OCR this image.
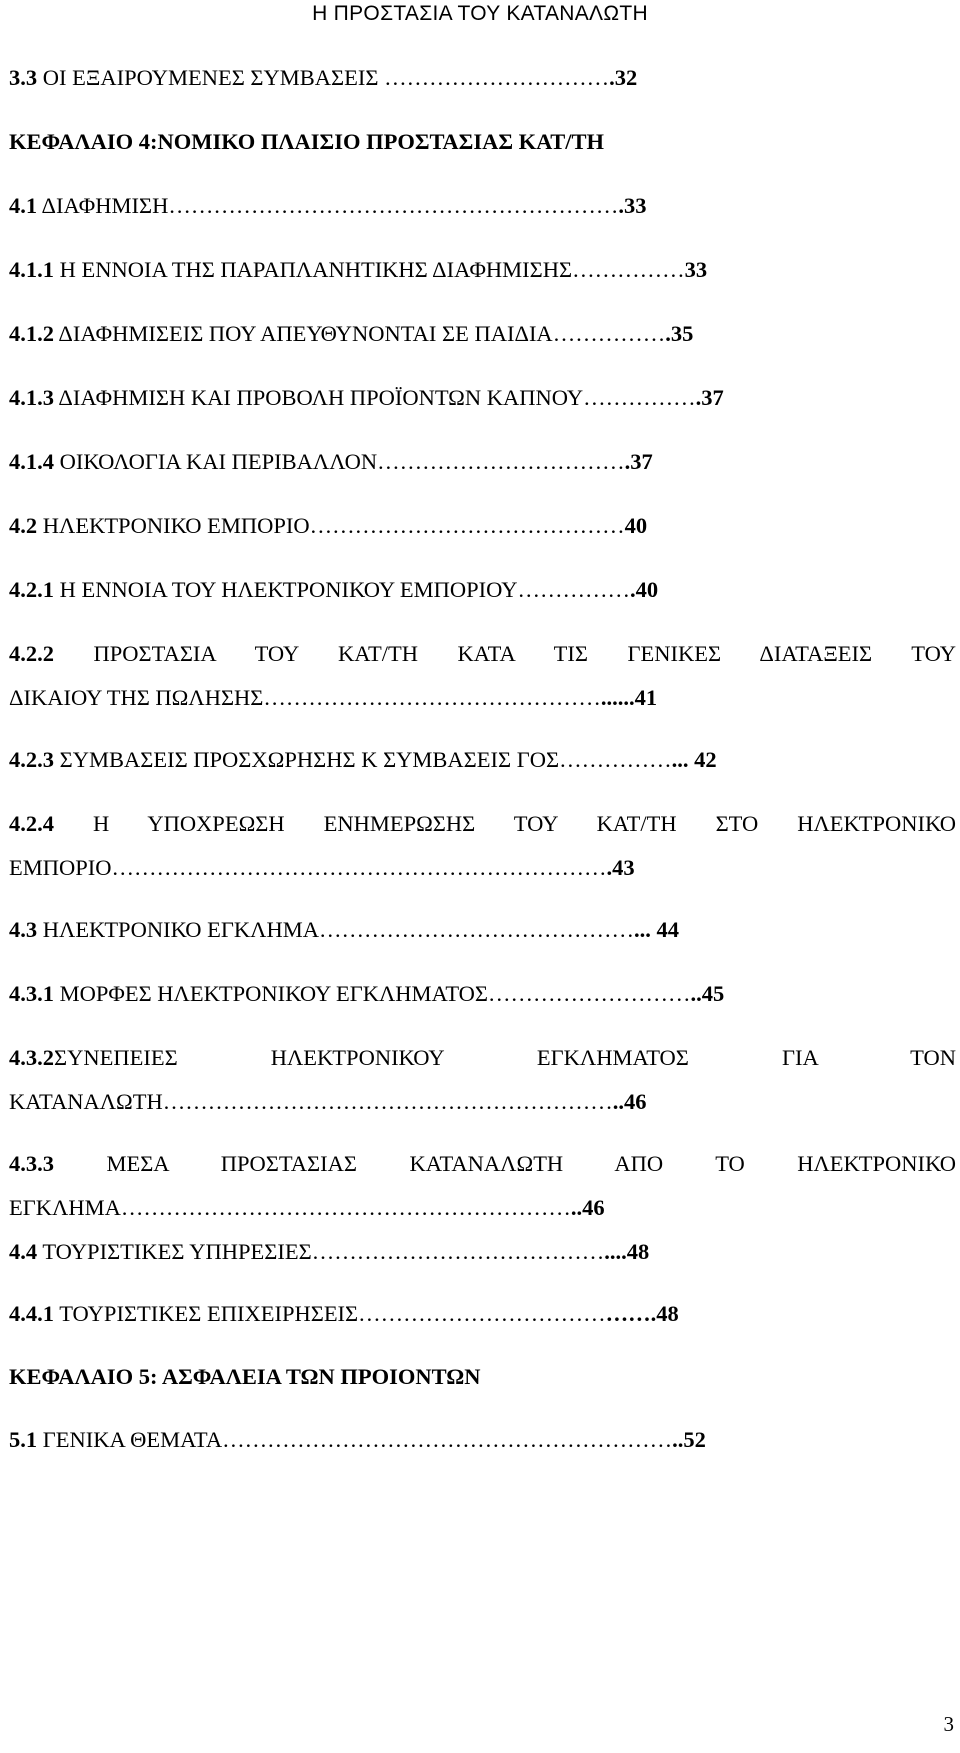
Η ΠΡΟΣΤΑΣΙΑ ΤΟΥ ΚΑΤΑΝΑΛΩΤΗ
3.3 ΟΙ ΕΞΑΙΡΟΥΜΕΝΕΣ ΣΥΜΒΑΣΕΙΣ ………………………….32
ΚΕΦΑΛΑΙΟ 4:ΝΟΜΙΚΟ ΠΛΑΙΣΙΟ ΠΡΟΣΤΑΣΙΑΣ ΚΑΤ/ΤΗ
4.1 ΔΙΑΦΗΜΙΣΗ…………………………………………………….33
4.1.1 Η ΕΝΝΟΙΑ ΤΗΣ ΠΑΡΑΠΛΑΝΗΤΙΚΗΣ ΔΙΑΦΗΜΙΣΗΣ……………33
4.1.2 ΔΙΑΦΗΜΙΣΕΙΣ ΠΟΥ ΑΠΕΥΘΥΝΟΝΤΑΙ ΣΕ ΠΑΙΔΙΑ…………….35
4.1.3 ΔΙΑΦΗΜΙΣΗ ΚΑΙ ΠΡΟΒΟΛΗ ΠΡΟΪΟΝΤΩΝ ΚΑΠΝΟΥ…………….37
4.1.4 ΟΙΚΟΛΟΓΙΑ ΚΑΙ ΠΕΡΙΒΑΛΛΟΝ…………………………….37
4.2 ΗΛΕΚΤΡΟΝΙΚΟ ΕΜΠΟΡΙΟ……………………………………40
4.2.1 Η ΕΝΝΟΙΑ ΤΟΥ ΗΛΕΚΤΡΟΝΙΚΟΥ ΕΜΠΟΡΙΟΥ…………….40
4.2.2 ΠΡΟΣΤΑΣΙΑ ΤΟΥ ΚΑΤ/ΤΗ ΚΑΤΑ ΤΙΣ ΓΕΝΙΚΕΣ ΔΙΑΤΑΞΕΙΣ ΤΟΥ
ΔΙΚΑΙΟΥ ΤΗΣ ΠΩΛΗΣΗΣ………………………………………......41
4.2.3 ΣΥΜΒΑΣΕΙΣ ΠΡΟΣΧΩΡΗΣΗΣ Κ ΣΥΜΒΑΣΕΙΣ ΓΟΣ……………... 42
4.2.4 Η ΥΠΟΧΡΕΩΣΗ ΕΝΗΜΕΡΩΣΗΣ ΤΟΥ ΚΑΤ/ΤΗ ΣΤΟ ΗΛΕΚΤΡΟΝΙΚΟ
ΕΜΠΟΡΙΟ………………………………………………………….43
4.3 ΗΛΕΚΤΡΟΝΙΚΟ ΕΓΚΛΗΜΑ……………………………………... 44
4.3.1 ΜΟΡΦΕΣ ΗΛΕΚΤΡΟΝΙΚΟΥ ΕΓΚΛΗΜΑΤΟΣ………………………..45
4.3.2ΣΥΝΕΠΕΙΕΣ ΗΛΕΚΤΡΟΝΙΚΟΥ ΕΓΚΛΗΜΑΤΟΣ ΓΙΑ ΤΟΝ
ΚΑΤΑΝΑΛΩΤΗ……………………………………………………..46
4.3.3 ΜΕΣΑ ΠΡΟΣΤΑΣΙΑΣ ΚΑΤΑΝΑΛΩΤΗ ΑΠΟ ΤΟ ΗΛΕΚΤΡΟΝΙΚΟ
ΕΓΚΛΗΜΑ……………………………………………………..46
4.4 ΤΟΥΡΙΣΤΙΚΕΣ ΥΠΗΡΕΣΙΕΣ…………………………………....48
4.4.1 ΤΟΥΡΙΣΤΙΚΕΣ ΕΠΙΧΕΙΡΗΣΕΙΣ………………………………….48
ΚΕΦΑΛΑΙΟ 5: ΑΣΦΑΛΕΙΑ ΤΩΝ ΠΡΟΙΟΝΤΩΝ
5.1 ΓΕΝΙΚΑ ΘΕΜΑΤΑ……………………………………………………..52
3
